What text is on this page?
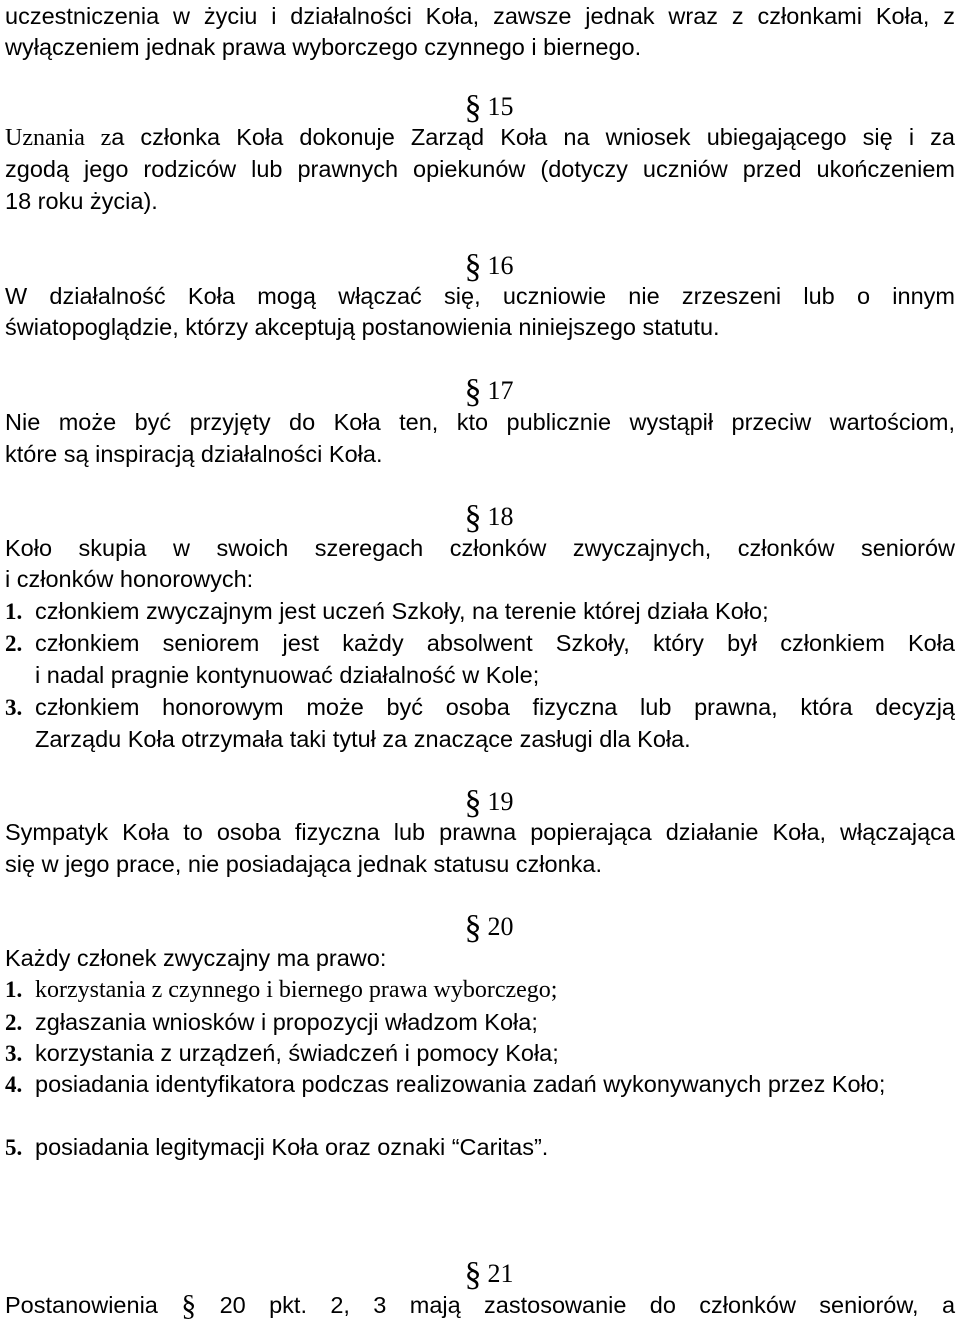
uczestniczenia w życiu i działalności Koła, zawsze jednak wraz z członkami Koła, z
wyłączeniem jednak prawa wyborczego czynnego i biernego.
§ 15
Uznania za członka Koła dokonuje Zarząd Koła na wniosek ubiegającego się i za
zgodą jego rodziców lub prawnych opiekunów (dotyczy uczniów przed ukończeniem
18 roku życia).
§ 16
W działalność Koła mogą włączać się, uczniowie nie zrzeszeni lub o innym
światopoglądzie, którzy akceptują postanowienia niniejszego statutu.
§ 17
Nie może być przyjęty do Koła ten, kto publicznie wystąpił przeciw wartościom,
które są inspiracją działalności Koła.
§ 18
Koło skupia w swoich szeregach członków zwyczajnych, członków seniorów
i członków honorowych:
1. członkiem zwyczajnym jest uczeń Szkoły, na terenie której działa Koło;
2. członkiem seniorem jest każdy absolwent Szkoły, który był członkiem Koła
i nadal pragnie kontynuować działalność w Kole;
3. członkiem honorowym może być osoba fizyczna lub prawna, która decyzją
Zarządu Koła otrzymała taki tytuł za znaczące zasługi dla Koła.
§ 19
Sympatyk Koła to osoba fizyczna lub prawna popierająca działanie Koła, włączająca
się w jego prace, nie posiadająca jednak statusu członka.
§ 20
Każdy członek zwyczajny ma prawo:
1. korzystania z czynnego i biernego prawa wyborczego;
2. zgłaszania wniosków i propozycji władzom Koła;
3. korzystania z urządzeń, świadczeń i pomocy Koła;
4. posiadania identyfikatora podczas realizowania zadań wykonywanych przez Koło;
5. posiadania legitymacji Koła oraz oznaki “Caritas”.
§ 21
Postanowienia § 20 pkt. 2, 3 mają zastosowanie do członków seniorów, a
